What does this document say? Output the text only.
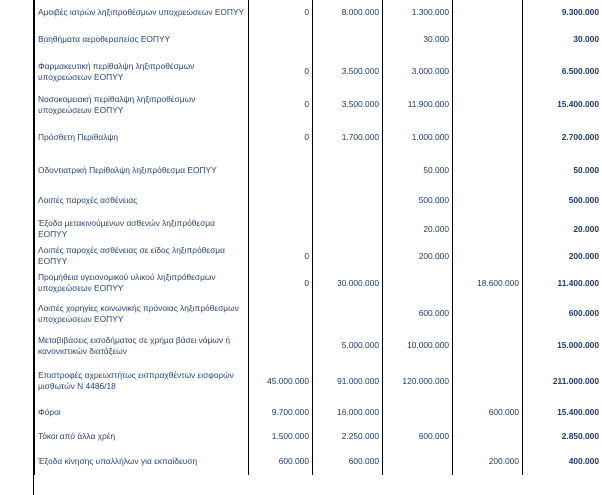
Αμοιβές ιατρών ληξιπροθέσμων υποχρεώσεων ΕΟΠΥΥ	0	8.000.000	1.300.000		9.300.000
Βοηθήματα αεροθεραπείας ΕΟΠΥΥ			30.000		30.000
Φαρμακευτική περίθαλψη ληξιπροθέσμων υποχρεώσεων ΕΟΠΥΥ	0	3.500.000	3.000.000		6.500.000
Νοσοκομειακή περίθαλψη ληξιπροθέσμων υποχρεώσεων ΕΟΠΥΥ	0	3.500.000	11.900.000		15.400.000
Πρόσθετη Περίθαλψη	0	1.700.000	1.000.000		2.700.000
Οδοντιατρική Περίθαλψη ληξιπρόθεσμα ΕΟΠΥΥ			50.000		50.000
Λοιπές παροχές ασθένειας			500.000		500.000
Έξοδα μετακινούμενων ασθενών ληξιπρόθεσμα ΕΟΠΥΥ			20.000		20.000
Λοιπές παροχές ασθένειας σε είδος ληξιπρόθεσμα ΕΟΠΥΥ	0		200.000		200.000
Προμήθεια υγειονομικού υλικού ληξιπρόθεσμων υποχρεώσεων ΕΟΠΥΥ	0	30.000.000		18.600.000	11.400.000
Λοιπές χορηγίες κοινωνικής πρόνοιας ληξιπρόθεσμων υποχρεώσεων ΕΟΠΥΥ			600.000		600.000
Μεταβιβάσεις εισοδήματος σε χρήμα βάσει νόμων ή κανονιστικών διατάξεων		5.000.000	10.000.000		15.000.000
Επιστροφές αχρεωστήτως εισπραχθέντων εισφορών μισθωτών Ν 4486/18	45.000.000	91.000.000	120.000.000		211.000.000
Φόροι	9.700.000	16.000.000		600.000	15.400.000
Τόκοι από άλλα χρέη	1.500.000	2.250.000	600.000		2.850.000
Έξοδα κίνησης υπαλλήλων για εκπαίδευση	600.000	600.000		200.000	400.000
